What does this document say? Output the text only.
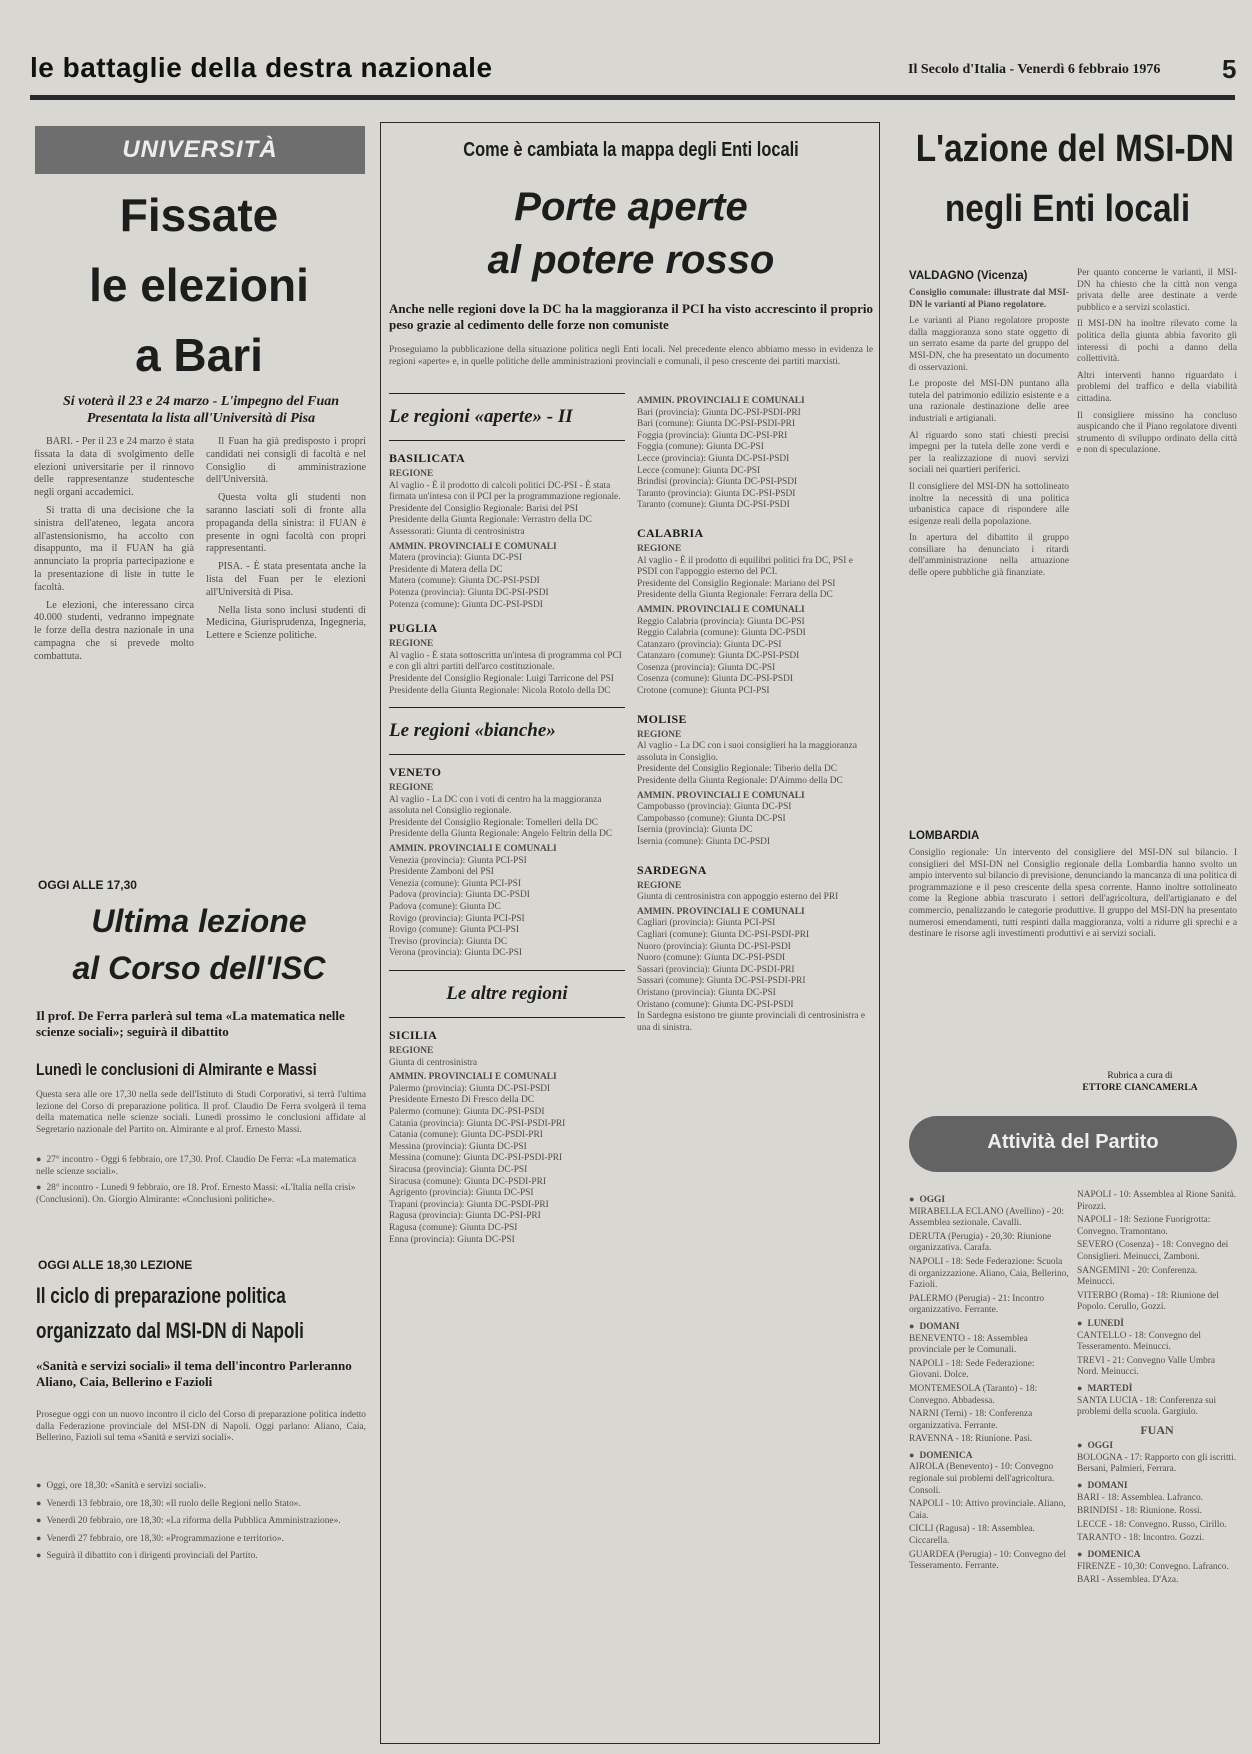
le battaglie della destra nazionale	Il Secolo d'Italia - Venerdì 6 febbraio 1976 5
UNIVERSITÀ
Fissate
le elezioni
a Bari
Si voterà il 23 e 24 marzo - L'impegno del Fuan Presentata la lista all'Università di Pisa

BARI. - Per il 23 e 24 marzo è stata fissata la data di svolgimento delle elezioni universitarie per il rinnovo delle rappresentanze studentesche negli organi accademici.

Si tratta di una decisione che la sinistra dell'ateneo, legata ancora all'astensionismo, ha accolto con disappunto, ma il FUAN ha già annunciato la propria partecipazione e la presentazione di liste in tutte le facoltà.

Le elezioni, che interessano circa 40.000 studenti, vedranno impegnate le forze della destra nazionale in una campagna che si prevede molto combattuta.

Il Fuan ha già predisposto i propri candidati nei consigli di facoltà e nel Consiglio di amministrazione dell'Università.

Questa volta gli studenti non saranno lasciati soli di fronte alla propaganda della sinistra: il FUAN è presente in ogni facoltà con propri rappresentanti.

PISA. - È stata presentata anche la lista del Fuan per le elezioni all'Università di Pisa.

Nella lista sono inclusi studenti di Medicina, Giurisprudenza, Ingegneria, Lettere e Scienze politiche.

OGGI ALLE 17,30
Ultima lezione
al Corso dell'ISC
Il prof. De Ferra parlerà sul tema «La matematica nelle scienze sociali»; seguirà il dibattito
Lunedì le conclusioni di Almirante e Massi
Questa sera alle ore 17,30 nella sede dell'Istituto di Studi Corporativi, si terrà l'ultima lezione del Corso di preparazione politica. Il prof. Claudio De Ferra svolgerà il tema della matematica nelle scienze sociali. Lunedì prossimo le conclusioni affidate al Segretario nazionale del Partito on. Almirante e al prof. Ernesto Massi.
● 27° incontro - Oggi 6 febbraio, ore 17,30. Prof. Claudio De Ferra: «La matematica nelle scienze sociali».
● 28° incontro - Lunedì 9 febbraio, ore 18. Prof. Ernesto Massi: «L'Italia nella crisi» (Conclusioni). On. Giorgio Almirante: «Conclusioni politiche».
OGGI ALLE 18,30 LEZIONE
Il ciclo di preparazione politica
organizzato dal MSI-DN di Napoli
«Sanità e servizi sociali» il tema dell'incontro Parleranno Aliano, Caia, Bellerino e Fazioli
Prosegue oggi con un nuovo incontro il ciclo del Corso di preparazione politica indetto dalla Federazione provinciale del MSI-DN di Napoli. Oggi parlano: Aliano, Caia, Bellerino, Fazioli sul tema «Sanità e servizi sociali».
● Oggi, ore 18,30: «Sanità e servizi sociali».
● Venerdì 13 febbraio, ore 18,30: «Il ruolo delle Regioni nello Stato».
● Venerdì 20 febbraio, ore 18,30: «La riforma della Pubblica Amministrazione».
● Venerdì 27 febbraio, ore 18,30: «Programmazione e territorio».
● Seguirà il dibattito con i dirigenti provinciali del Partito.
Come è cambiata la mappa degli Enti locali
Porte aperte
al potere rosso
Anche nelle regioni dove la DC ha la maggioranza il PCI ha visto accrescinto il proprio peso grazie al cedimento delle forze non comuniste
Proseguiamo la pubblicazione della situazione politica negli Enti locali. Nel precedente elenco abbiamo messo in evidenza le regioni «aperte» e, in quelle politiche delle amministrazioni provinciali e comunali, il peso crescente dei partiti marxisti.
Le regioni «aperte» - II
BASILICATA
REGIONE
Al vaglio - È il prodotto di calcoli politici DC-PSI - È stata firmata un'intesa con il PCI per la programmazione regionale.
Presidente del Consiglio Regionale: Barisi del PSI
Presidente della Giunta Regionale: Verrastro della DC
Assessorati: Giunta di centrosinistra
AMMIN. PROVINCIALI E COMUNALI
Matera (provincia): Giunta DC-PSI
Presidente di Matera della DC
Matera (comune): Giunta DC-PSI-PSDI
Potenza (provincia): Giunta DC-PSI-PSDI
Potenza (comune): Giunta DC-PSI-PSDI
PUGLIA
REGIONE
Al vaglio - È stata sottoscritta un'intesa di programma col PCI e con gli altri partiti dell'arco costituzionale.
Presidente del Consiglio Regionale: Luigi Tarricone del PSI
Presidente della Giunta Regionale: Nicola Rotolo della DC
Le regioni «bianche»
VENETO
REGIONE
Al vaglio - La DC con i voti di centro ha la maggioranza assoluta nel Consiglio regionale.
Presidente del Consiglio Regionale: Tomelleri della DC
Presidente della Giunta Regionale: Angelo Feltrin della DC
AMMIN. PROVINCIALI E COMUNALI
Venezia (provincia): Giunta PCI-PSI
Presidente Zamboni del PSI
Venezia (comune): Giunta PCI-PSI
Padova (provincia): Giunta DC-PSDI
Padova (comune): Giunta DC
Rovigo (provincia): Giunta PCI-PSI
Rovigo (comune): Giunta PCI-PSI
Treviso (provincia): Giunta DC
Verona (provincia): Giunta DC-PSI
Le altre regioni
SICILIA
REGIONE
Giunta di centrosinistra
AMMIN. PROVINCIALI E COMUNALI
Palermo (provincia): Giunta DC-PSI-PSDI
Presidente Ernesto Di Fresco della DC
Palermo (comune): Giunta DC-PSI-PSDI
Catania (provincia): Giunta DC-PSI-PSDI-PRI
Catania (comune): Giunta DC-PSDI-PRI
Messina (provincia): Giunta DC-PSI
Messina (comune): Giunta DC-PSI-PSDI-PRI
Siracusa (provincia): Giunta DC-PSI
Siracusa (comune): Giunta DC-PSDI-PRI
Agrigento (provincia): Giunta DC-PSI
Trapani (provincia): Giunta DC-PSDI-PRI
Ragusa (provincia): Giunta DC-PSI-PRI
Ragusa (comune): Giunta DC-PSI
Enna (provincia): Giunta DC-PSI
AMMIN. PROVINCIALI E COMUNALI
Bari (provincia): Giunta DC-PSI-PSDI-PRI
Bari (comune): Giunta DC-PSI-PSDI-PRI
Foggia (provincia): Giunta DC-PSI-PRI
Foggia (comune): Giunta DC-PSI
Lecce (provincia): Giunta DC-PSI-PSDI
Lecce (comune): Giunta DC-PSI
Brindisi (provincia): Giunta DC-PSI-PSDI
Taranto (provincia): Giunta DC-PSI-PSDI
Taranto (comune): Giunta DC-PSI-PSDI
CALABRIA
REGIONE
Al vaglio - È il prodotto di equilibri politici fra DC, PSI e PSDI con l'appoggio esterno del PCI.
Presidente del Consiglio Regionale: Mariano del PSI
Presidente della Giunta Regionale: Ferrara della DC
AMMIN. PROVINCIALI E COMUNALI
Reggio Calabria (provincia): Giunta DC-PSI
Reggio Calabria (comune): Giunta DC-PSDI
Catanzaro (provincia): Giunta DC-PSI
Catanzaro (comune): Giunta DC-PSI-PSDI
Cosenza (provincia): Giunta DC-PSI
Cosenza (comune): Giunta DC-PSI-PSDI
Crotone (comune): Giunta PCI-PSI
MOLISE
REGIONE
Al vaglio - La DC con i suoi consiglieri ha la maggioranza assoluta in Consiglio.
Presidente del Consiglio Regionale: Tiberio della DC
Presidente della Giunta Regionale: D'Aimmo della DC
AMMIN. PROVINCIALI E COMUNALI
Campobasso (provincia): Giunta DC-PSI
Campobasso (comune): Giunta DC-PSI
Isernia (provincia): Giunta DC
Isernia (comune): Giunta DC-PSDI
SARDEGNA
REGIONE
Giunta di centrosinistra con appoggio esterno del PRI
AMMIN. PROVINCIALI E COMUNALI
Cagliari (provincia): Giunta PCI-PSI
Cagliari (comune): Giunta DC-PSI-PSDI-PRI
Nuoro (provincia): Giunta DC-PSI-PSDI
Nuoro (comune): Giunta DC-PSI-PSDI
Sassari (provincia): Giunta DC-PSDI-PRI
Sassari (comune): Giunta DC-PSI-PSDI-PRI
Oristano (provincia): Giunta DC-PSI
Oristano (comune): Giunta DC-PSI-PSDI
In Sardegna esistono tre giunte provinciali di centrosinistra e una di sinistra.
L'azione del MSI-DN
negli Enti locali
VALDAGNO (Vicenza)
Consiglio comunale: illustrate dal MSI-DN le varianti al Piano regolatore.
Le varianti al Piano regolatore proposte dalla maggioranza sono state oggetto di un serrato esame da parte del gruppo del MSI-DN, che ha presentato un documento di osservazioni.
Le proposte del MSI-DN puntano alla tutela del patrimonio edilizio esistente e a una razionale destinazione delle aree industriali e artigianali.
Al riguardo sono stati chiesti precisi impegni per la tutela delle zone verdi e per la realizzazione di nuovi servizi sociali nei quartieri periferici.
Il consigliere del MSI-DN ha sottolineato inoltre la necessità di una politica urbanistica capace di rispondere alle esigenze reali della popolazione.
In apertura del dibattito il gruppo consiliare ha denunciato i ritardi dell'amministrazione nella attuazione delle opere pubbliche già finanziate.
Per quanto concerne le varianti, il MSI-DN ha chiesto che la città non venga privata delle aree destinate a verde pubblico e a servizi scolastici.
Il MSI-DN ha inoltre rilevato come la politica della giunta abbia favorito gli interessi di pochi a danno della collettività.
Altri interventi hanno riguardato i problemi del traffico e della viabilità cittadina.
Il consigliere missino ha concluso auspicando che il Piano regolatore diventi strumento di sviluppo ordinato della città e non di speculazione.
LOMBARDIA
Consiglio regionale: Un intervento del consigliere del MSI-DN sul bilancio. I consiglieri del MSI-DN nel Consiglio regionale della Lombardia hanno svolto un ampio intervento sul bilancio di previsione, denunciando la mancanza di una politica di programmazione e il peso crescente della spesa corrente. Hanno inoltre sottolineato come la Regione abbia trascurato i settori dell'agricoltura, dell'artigianato e del commercio, penalizzando le categorie produttive. Il gruppo del MSI-DN ha presentato numerosi emendamenti, tutti respinti dalla maggioranza, volti a ridurre gli sprechi e a destinare le risorse agli investimenti produttivi e ai servizi sociali.
Rubrica a cura di
ETTORE CIANCAMERLA
Attività del Partito
● OGGI
MIRABELLA ECLANO (Avellino) - 20: Assemblea sezionale. Cavalli.
DERUTA (Perugia) - 20,30: Riunione organizzativa. Carafa.
NAPOLI - 18: Sede Federazione: Scuola di organizzazione. Aliano, Caia, Bellerino, Fazioli.
PALERMO (Perugia) - 21: Incontro organizzativo. Ferrante.
● DOMANI
BENEVENTO - 18: Assemblea provinciale per le Comunali.
NAPOLI - 18: Sede Federazione: Giovani. Dolce.
MONTEMESOLA (Taranto) - 18: Convegno. Abbadessa.
NARNI (Terni) - 18: Conferenza organizzativa. Ferrante.
RAVENNA - 18: Riunione. Pasi.
● DOMENICA
AIROLA (Benevento) - 10: Convegno regionale sui problemi dell'agricoltura. Consoli.
NAPOLI - 10: Attivo provinciale. Aliano, Caia.
CICLI (Ragusa) - 18: Assemblea. Ciccarella.
GUARDEA (Perugia) - 10: Convegno del Tesseramento. Ferrante.
NAPOLI - 10: Assemblea al Rione Sanità. Pirozzi.
NAPOLI - 18: Sezione Fuorigrotta: Convegno. Tramontano.
SEVERO (Cosenza) - 18: Convegno dei Consiglieri. Meinucci, Zamboni.
SANGEMINI - 20: Conferenza. Meinucci.
VITERBO (Roma) - 18: Riunione del Popolo. Cerullo, Gozzi.
● LUNEDÌ
CANTELLO - 18: Convegno del Tesseramento. Meinucci.
TREVI - 21: Convegno Valle Umbra Nord. Meinucci.
● MARTEDÌ
SANTA LUCIA - 18: Conferenza sui problemi della scuola. Gargiulo.
FUAN
● OGGI
BOLOGNA - 17: Rapporto con gli iscritti. Bersani, Palmieri, Ferrara.
● DOMANI
BARI - 18: Assemblea. Lafranco.
BRINDISI - 18: Riunione. Rossi.
LECCE - 18: Convegno. Russo, Cirillo.
TARANTO - 18: Incontro. Gozzi.
● DOMENICA
FIRENZE - 10,30: Convegno. Lafranco.
BARI - Assemblea. D'Aza.
